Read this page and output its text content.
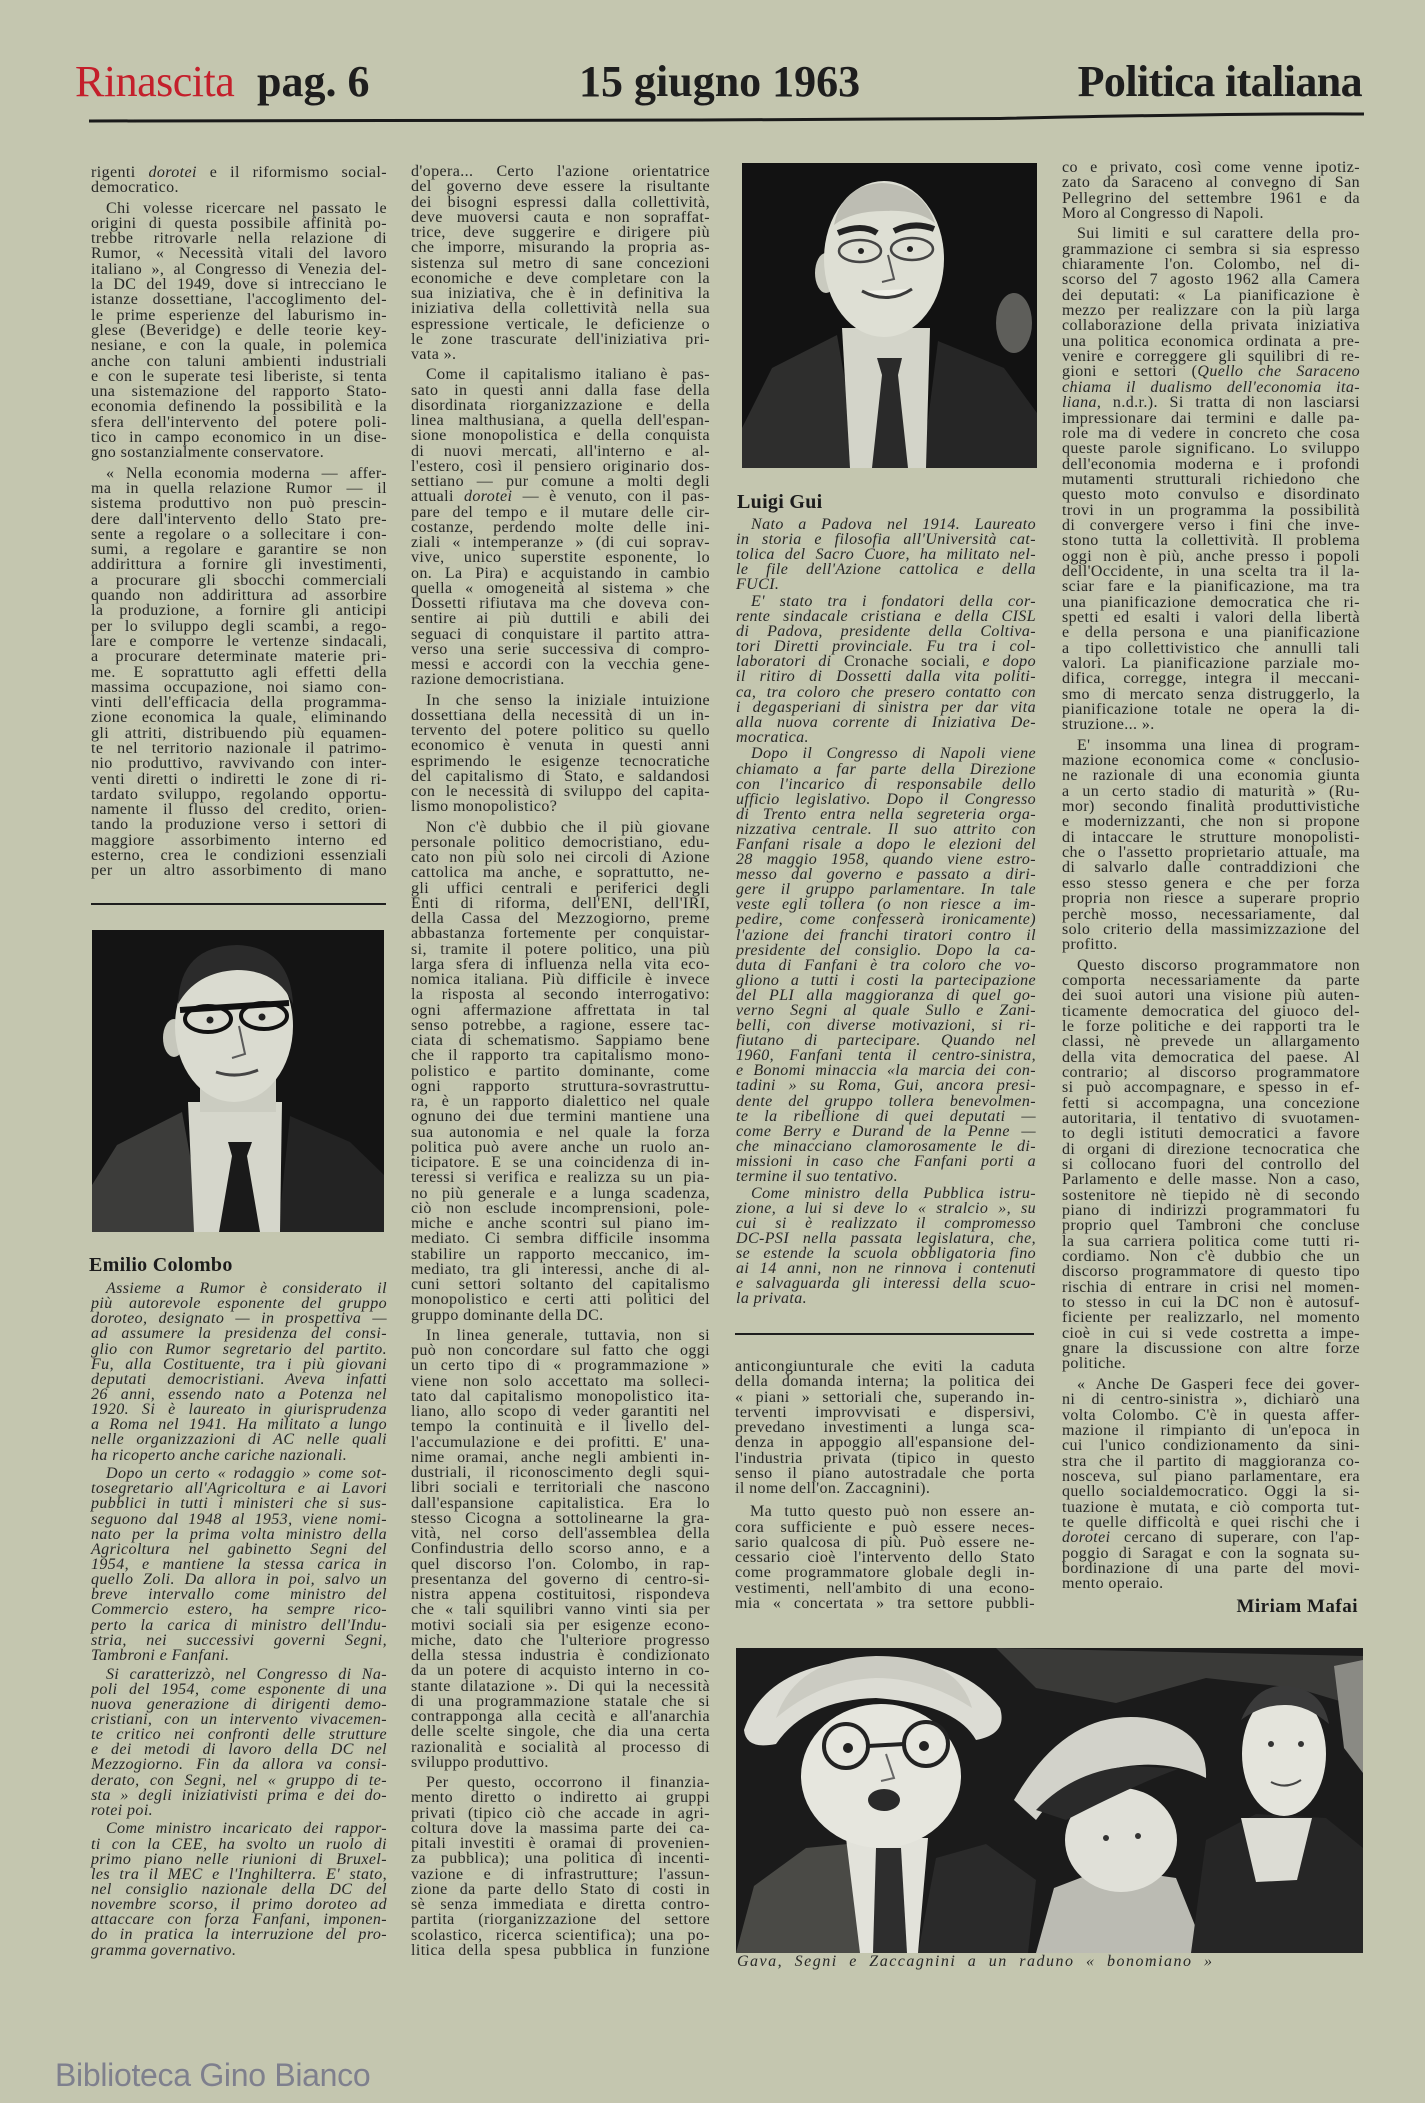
Rinascita pag. 6	15 giugno 1963	Politica italiana
rigenti dorotei e il riformismo social-
democratico.
Chi volesse ricercare nel passato le
origini di questa possibile affinità po-
trebbe ritrovarle nella relazione di
Rumor, « Necessità vitali del lavoro
italiano », al Congresso di Venezia del-
la DC del 1949, dove si intrecciano le
istanze dossettiane, l'accoglimento del-
le prime esperienze del laburismo in-
glese (Beveridge) e delle teorie key-
nesiane, e con la quale, in polemica
anche con taluni ambienti industriali
e con le superate tesi liberiste, si tenta
una sistemazione del rapporto Stato-
economia definendo la possibilità e la
sfera dell'intervento del potere poli-
tico in campo economico in un dise-
gno sostanzialmente conservatore.
« Nella economia moderna — affer-
ma in quella relazione Rumor — il
sistema produttivo non può prescin-
dere dall'intervento dello Stato pre-
sente a regolare o a sollecitare i con-
sumi, a regolare e garantire se non
addirittura a fornire gli investimenti,
a procurare gli sbocchi commerciali
quando non addirittura ad assorbire
la produzione, a fornire gli anticipi
per lo sviluppo degli scambi, a rego-
lare e comporre le vertenze sindacali,
a procurare determinate materie pri-
me. E soprattutto agli effetti della
massima occupazione, noi siamo con-
vinti dell'efficacia della programma-
zione economica la quale, eliminando
gli attriti, distribuendo più equamen-
te nel territorio nazionale il patrimo-
nio produttivo, ravvivando con inter-
venti diretti o indiretti le zone di ri-
tardato sviluppo, regolando opportu-
namente il flusso del credito, orien-
tando la produzione verso i settori di
maggiore assorbimento interno ed
esterno, crea le condizioni essenziali
per un altro assorbimento di mano
Emilio Colombo
Assieme a Rumor è considerato il
più autorevole esponente del gruppo
doroteo, designato — in prospettiva —
ad assumere la presidenza del consi-
glio con Rumor segretario del partito.
Fu, alla Costituente, tra i più giovani
deputati democristiani. Aveva infatti
26 anni, essendo nato a Potenza nel
1920. Si è laureato in giurisprudenza
a Roma nel 1941. Ha militato a lungo
nelle organizzazioni di AC nelle quali
ha ricoperto anche cariche nazionali.
Dopo un certo « rodaggio » come sot-
tosegretario all'Agricoltura e ai Lavori
pubblici in tutti i ministeri che si sus-
seguono dal 1948 al 1953, viene nomi-
nato per la prima volta ministro della
Agricoltura nel gabinetto Segni del
1954, e mantiene la stessa carica in
quello Zoli. Da allora in poi, salvo un
breve intervallo come ministro del
Commercio estero, ha sempre rico-
perto la carica di ministro dell'Indu-
stria, nei successivi governi Segni,
Tambroni e Fanfani.
Si caratterizzò, nel Congresso di Na-
poli del 1954, come esponente di una
nuova generazione di dirigenti demo-
cristiani, con un intervento vivacemen-
te critico nei confronti delle strutture
e dei metodi di lavoro della DC nel
Mezzogiorno. Fin da allora va consi-
derato, con Segni, nel « gruppo di te-
sta » degli iniziativisti prima e dei do-
rotei poi.
Come ministro incaricato dei rappor-
ti con la CEE, ha svolto un ruolo di
primo piano nelle riunioni di Bruxel-
les tra il MEC e l'Inghilterra. E' stato,
nel consiglio nazionale della DC del
novembre scorso, il primo doroteo ad
attaccare con forza Fanfani, imponen-
do in pratica la interruzione del pro-
gramma governativo.
d'opera... Certo l'azione orientatrice
del governo deve essere la risultante
dei bisogni espressi dalla collettività,
deve muoversi cauta e non sopraffat-
trice, deve suggerire e dirigere più
che imporre, misurando la propria as-
sistenza sul metro di sane concezioni
economiche e deve completare con la
sua iniziativa, che è in definitiva la
iniziativa della collettività nella sua
espressione verticale, le deficienze o
le zone trascurate dell'iniziativa pri-
vata ».
Come il capitalismo italiano è pas-
sato in questi anni dalla fase della
disordinata riorganizzazione e della
linea malthusiana, a quella dell'espan-
sione monopolistica e della conquista
di nuovi mercati, all'interno e al-
l'estero, così il pensiero originario dos-
settiano — pur comune a molti degli
attuali dorotei — è venuto, con il pas-
pare del tempo e il mutare delle cir-
costanze, perdendo molte delle ini-
ziali « intemperanze » (di cui soprav-
vive, unico superstite esponente, lo
on. La Pira) e acquistando in cambio
quella « omogeneità al sistema » che
Dossetti rifiutava ma che doveva con-
sentire ai più duttili e abili dei
seguaci di conquistare il partito attra-
verso una serie successiva di compro-
messi e accordi con la vecchia gene-
razione democristiana.
In che senso la iniziale intuizione
dossettiana della necessità di un in-
tervento del potere politico su quello
economico è venuta in questi anni
esprimendo le esigenze tecnocratiche
del capitalismo di Stato, e saldandosi
con le necessità di sviluppo del capita-
lismo monopolistico?
Non c'è dubbio che il più giovane
personale politico democristiano, edu-
cato non più solo nei circoli di Azione
cattolica ma anche, e soprattutto, ne-
gli uffici centrali e periferici degli
Enti di riforma, dell'ENI, dell'IRI,
della Cassa del Mezzogiorno, preme
abbastanza fortemente per conquistar-
si, tramite il potere politico, una più
larga sfera di influenza nella vita eco-
nomica italiana. Più difficile è invece
la risposta al secondo interrogativo:
ogni affermazione affrettata in tal
senso potrebbe, a ragione, essere tac-
ciata di schematismo. Sappiamo bene
che il rapporto tra capitalismo mono-
polistico e partito dominante, come
ogni rapporto struttura-sovrastruttu-
ra, è un rapporto dialettico nel quale
ognuno dei due termini mantiene una
sua autonomia e nel quale la forza
politica può avere anche un ruolo an-
ticipatore. E se una coincidenza di in-
teressi si verifica e realizza su un pia-
no più generale e a lunga scadenza,
ciò non esclude incomprensioni, pole-
miche e anche scontri sul piano im-
mediato. Ci sembra difficile insomma
stabilire un rapporto meccanico, im-
mediato, tra gli interessi, anche di al-
cuni settori soltanto del capitalismo
monopolistico e certi atti politici del
gruppo dominante della DC.
In linea generale, tuttavia, non si
può non concordare sul fatto che oggi
un certo tipo di « programmazione »
viene non solo accettato ma solleci-
tato dal capitalismo monopolistico ita-
liano, allo scopo di veder garantiti nel
tempo la continuità e il livello del-
l'accumulazione e dei profitti. E' una-
nime oramai, anche negli ambienti in-
dustriali, il riconoscimento degli squi-
libri sociali e territoriali che nascono
dall'espansione capitalistica. Era lo
stesso Cicogna a sottolinearne la gra-
vità, nel corso dell'assemblea della
Confindustria dello scorso anno, e a
quel discorso l'on. Colombo, in rap-
presentanza del governo di centro-si-
nistra appena costituitosi, rispondeva
che « tali squilibri vanno vinti sia per
motivi sociali sia per esigenze econo-
miche, dato che l'ulteriore progresso
della stessa industria è condizionato
da un potere di acquisto interno in co-
stante dilatazione ». Di qui la necessità
di una programmazione statale che si
contrapponga alla cecità e all'anarchia
delle scelte singole, che dia una certa
razionalità e socialità al processo di
sviluppo produttivo.
Per questo, occorrono il finanzia-
mento diretto o indiretto ai gruppi
privati (tipico ciò che accade in agri-
coltura dove la massima parte dei ca-
pitali investiti è oramai di provenien-
za pubblica); una politica di incenti-
vazione e di infrastrutture; l'assun-
zione da parte dello Stato di costi in
sè senza immediata e diretta contro-
partita (riorganizzazione del settore
scolastico, ricerca scientifica); una po-
litica della spesa pubblica in funzione
Luigi Gui
Nato a Padova nel 1914. Laureato
in storia e filosofia all'Università cat-
tolica del Sacro Cuore, ha militato nel-
le file dell'Azione cattolica e della
FUCI.
E' stato tra i fondatori della cor-
rente sindacale cristiana e della CISL
di Padova, presidente della Coltiva-
tori Diretti provinciale. Fu tra i col-
laboratori di Cronache sociali, e dopo
il ritiro di Dossetti dalla vita politi-
ca, tra coloro che presero contatto con
i degasperiani di sinistra per dar vita
alla nuova corrente di Iniziativa De-
mocratica.
Dopo il Congresso di Napoli viene
chiamato a far parte della Direzione
con l'incarico di responsabile dello
ufficio legislativo. Dopo il Congresso
di Trento entra nella segreteria orga-
nizzativa centrale. Il suo attrito con
Fanfani risale a dopo le elezioni del
28 maggio 1958, quando viene estro-
messo dal governo e passato a diri-
gere il gruppo parlamentare. In tale
veste egli tollera (o non riesce a im-
pedire, come confesserà ironicamente)
l'azione dei franchi tiratori contro il
presidente del consiglio. Dopo la ca-
duta di Fanfani è tra coloro che vo-
gliono a tutti i costi la partecipazione
del PLI alla maggioranza di quel go-
verno Segni al quale Sullo e Zani-
belli, con diverse motivazioni, si ri-
fiutano di partecipare. Quando nel
1960, Fanfani tenta il centro-sinistra,
e Bonomi minaccia «la marcia dei con-
tadini » su Roma, Gui, ancora presi-
dente del gruppo tollera benevolmen-
te la ribellione di quei deputati —
come Berry e Durand de la Penne —
che minacciano clamorosamente le di-
missioni in caso che Fanfani porti a
termine il suo tentativo.
Come ministro della Pubblica istru-
zione, a lui si deve lo « stralcio », su
cui si è realizzato il compromesso
DC-PSI nella passata legislatura, che,
se estende la scuola obbligatoria fino
ai 14 anni, non ne rinnova i contenuti
e salvaguarda gli interessi della scuo-
la privata.
anticongiunturale che eviti la caduta
della domanda interna; la politica dei
« piani » settoriali che, superando in-
terventi improvvisati e dispersivi,
prevedano investimenti a lunga sca-
denza in appoggio all'espansione del-
l'industria privata (tipico in questo
senso il piano autostradale che porta
il nome dell'on. Zaccagnini).
Ma tutto questo può non essere an-
cora sufficiente e può essere neces-
sario qualcosa di più. Può essere ne-
cessario cioè l'intervento dello Stato
come programmatore globale degli in-
vestimenti, nell'ambito di una econo-
mia « concertata » tra settore pubbli-
co e privato, così come venne ipotiz-
zato da Saraceno al convegno di San
Pellegrino del settembre 1961 e da
Moro al Congresso di Napoli.
Sui limiti e sul carattere della pro-
grammazione ci sembra si sia espresso
chiaramente l'on. Colombo, nel di-
scorso del 7 agosto 1962 alla Camera
dei deputati: « La pianificazione è
mezzo per realizzare con la più larga
collaborazione della privata iniziativa
una politica economica ordinata a pre-
venire e correggere gli squilibri di re-
gioni e settori (Quello che Saraceno
chiama il dualismo dell'economia ita-
liana, n.d.r.). Si tratta di non lasciarsi
impressionare dai termini e dalle pa-
role ma di vedere in concreto che cosa
queste parole significano. Lo sviluppo
dell'economia moderna e i profondi
mutamenti strutturali richiedono che
questo moto convulso e disordinato
trovi in un programma la possibilità
di convergere verso i fini che inve-
stono tutta la collettività. Il problema
oggi non è più, anche presso i popoli
dell'Occidente, in una scelta tra il la-
sciar fare e la pianificazione, ma tra
una pianificazione democratica che ri-
spetti ed esalti i valori della libertà
e della persona e una pianificazione
a tipo collettivistico che annulli tali
valori. La pianificazione parziale mo-
difica, corregge, integra il meccani-
smo di mercato senza distruggerlo, la
pianificazione totale ne opera la di-
struzione... ».
E' insomma una linea di program-
mazione economica come « conclusio-
ne razionale di una economia giunta
a un certo stadio di maturità » (Ru-
mor) secondo finalità produttivistiche
e modernizzanti, che non si propone
di intaccare le strutture monopolisti-
che o l'assetto proprietario attuale, ma
di salvarlo dalle contraddizioni che
esso stesso genera e che per forza
propria non riesce a superare proprio
perchè mosso, necessariamente, dal
solo criterio della massimizzazione del
profitto.
Questo discorso programmatore non
comporta necessariamente da parte
dei suoi autori una visione più auten-
ticamente democratica del giuoco del-
le forze politiche e dei rapporti tra le
classi, nè prevede un allargamento
della vita democratica del paese. Al
contrario; al discorso programmatore
si può accompagnare, e spesso in ef-
fetti si accompagna, una concezione
autoritaria, il tentativo di svuotamen-
to degli istituti democratici a favore
di organi di direzione tecnocratica che
si collocano fuori del controllo del
Parlamento e delle masse. Non a caso,
sostenitore nè tiepido nè di secondo
piano di indirizzi programmatori fu
proprio quel Tambroni che concluse
la sua carriera politica come tutti ri-
cordiamo. Non c'è dubbio che un
discorso programmatore di questo tipo
rischia di entrare in crisi nel momen-
to stesso in cui la DC non è autosuf-
ficiente per realizzarlo, nel momento
cioè in cui si vede costretta a impe-
gnare la discussione con altre forze
politiche.
« Anche De Gasperi fece dei gover-
ni di centro-sinistra », dichiarò una
volta Colombo. C'è in questa affer-
mazione il rimpianto di un'epoca in
cui l'unico condizionamento da sini-
stra che il partito di maggioranza co-
nosceva, sul piano parlamentare, era
quello socialdemocratico. Oggi la si-
tuazione è mutata, e ciò comporta tut-
te quelle difficoltà e quei rischi che i
dorotei cercano di superare, con l'ap-
poggio di Saragat e con la sognata su-
bordinazione di una parte del movi-
mento operaio.
Miriam Mafai
Gava, Segni e Zaccagnini a un raduno « bonomiano »
Biblioteca Gino Bianco
